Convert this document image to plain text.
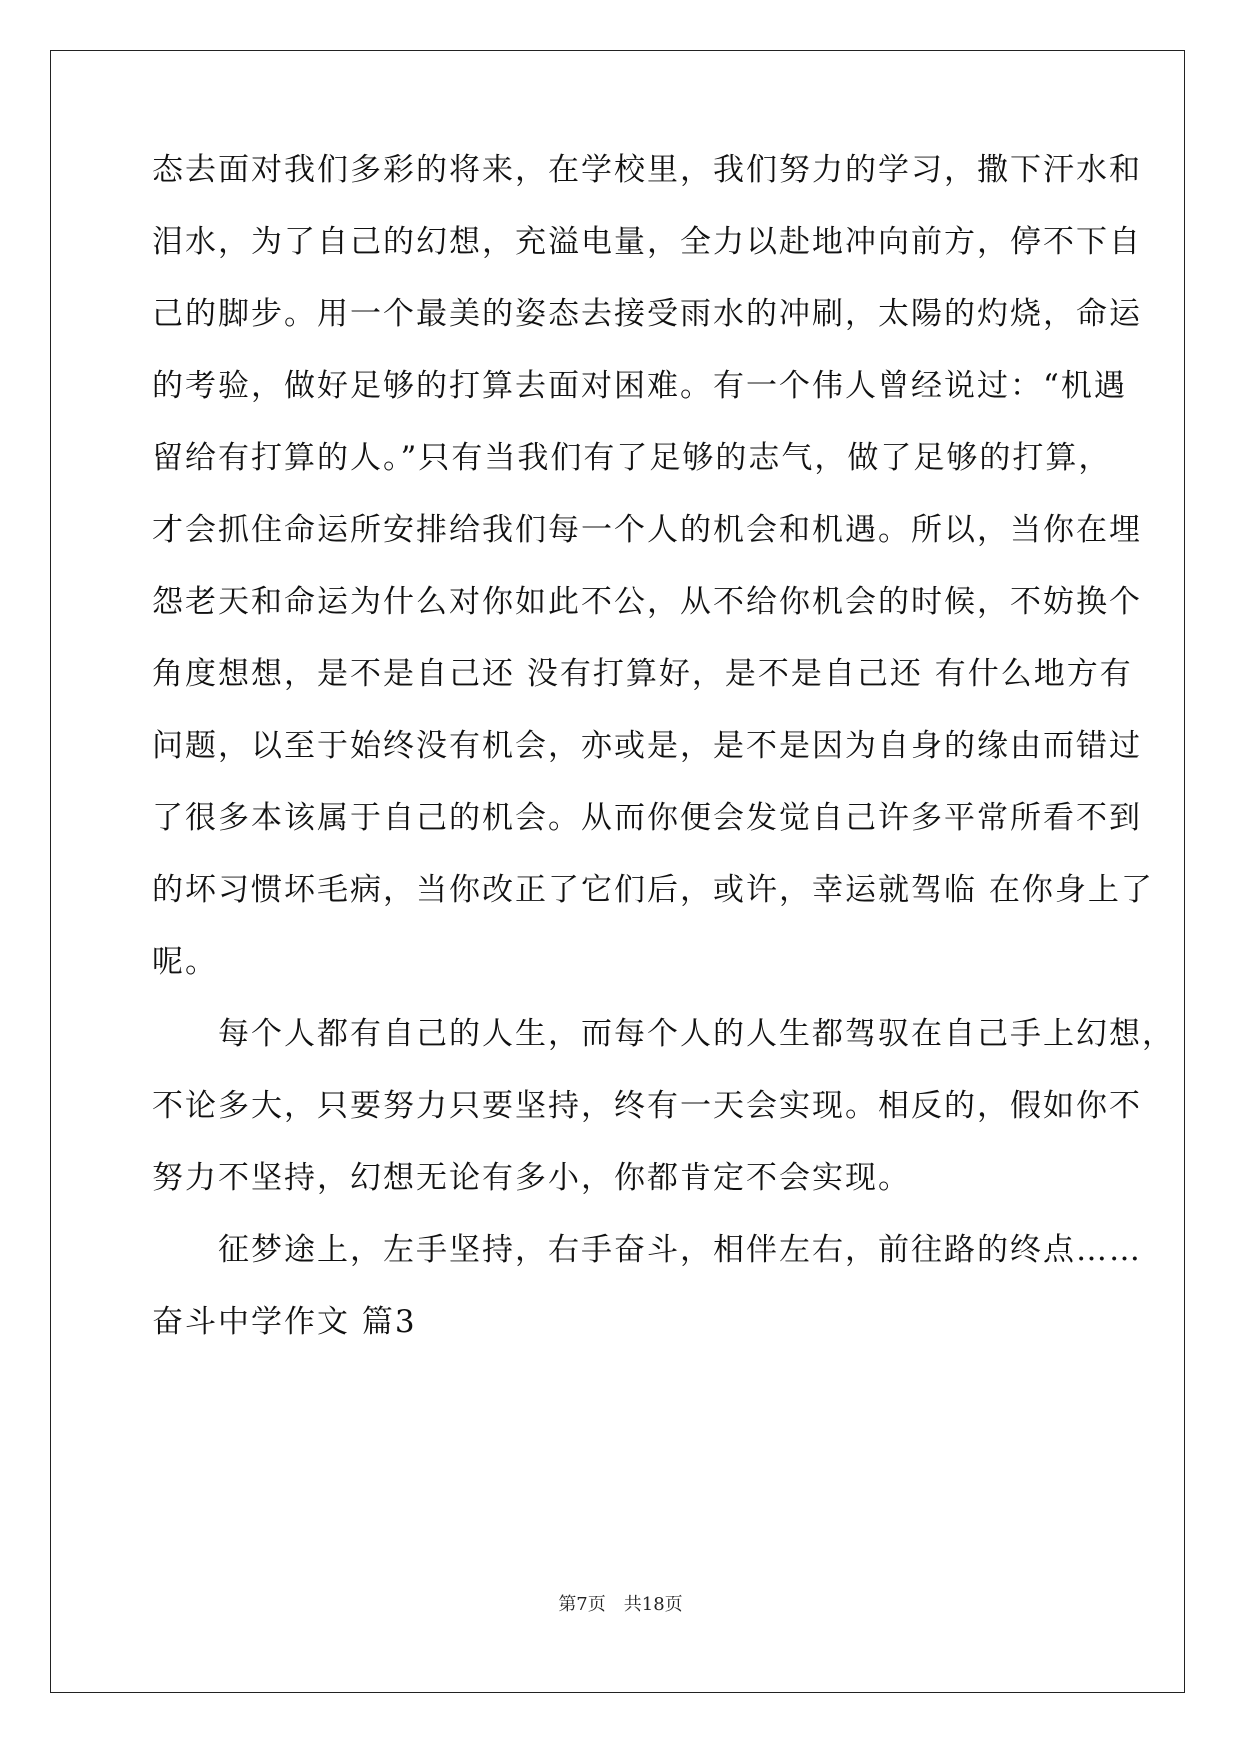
态去面对我们多彩的将来，在学校里，我们努力的学习，撒下汗水和
泪水，为了自己的幻想，充溢电量，全力以赴地冲向前方，停不下自
己的脚步。用一个最美的姿态去接受雨水的冲刷，太陽的灼烧，命运
的考验，做好足够的打算去面对困难。有一个伟人曾经说过：“机遇
留给有打算的人。”只有当我们有了足够的志气，做了足够的打算，
才会抓住命运所安排给我们每一个人的机会和机遇。所以，当你在埋
怨老天和命运为什么对你如此不公，从不给你机会的时候，不妨换个
角度想想，是不是自己还 没有打算好，是不是自己还 有什么地方有
问题，以至于始终没有机会，亦或是，是不是因为自身的缘由而错过
了很多本该属于自己的机会。从而你便会发觉自己许多平常所看不到
的坏习惯坏毛病，当你改正了它们后，或许，幸运就驾临 在你身上了
呢。
　　每个人都有自己的人生，而每个人的人生都驾驭在自己手上幻想，
不论多大，只要努力只要坚持，终有一天会实现。相反的，假如你不
努力不坚持，幻想无论有多小，你都肯定不会实现。
　　征梦途上，左手坚持，右手奋斗，相伴左右，前往路的终点……
奋斗中学作文 篇3
第7页　共18页
